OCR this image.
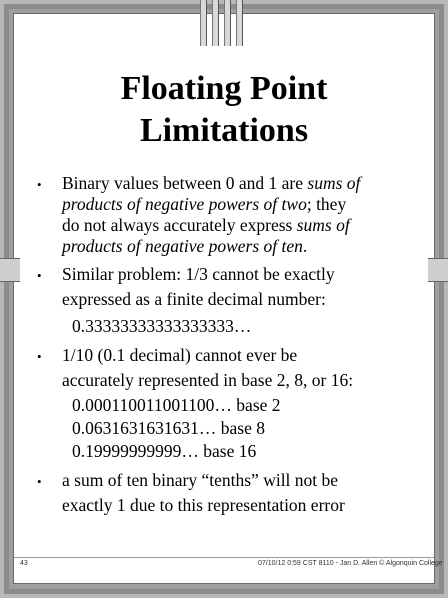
Floating Point
Limitations
• Binary values between 0 and 1 are sums of
products of negative powers of two; they
do not always accurately express sums of
products of negative powers of ten.
• Similar problem: 1/3 cannot be exactly
expressed as a finite decimal number:
0.33333333333333333…
• 1/10 (0.1 decimal) cannot ever be
accurately represented in base 2, 8, or 16:
0.000110011001100… base 2
0.0631631631631… base 8
0.19999999999… base 16
• a sum of ten binary “tenths” will not be
exactly 1 due to this representation error
43	07/10/12 0:59 CST 8110 - Jan D. Allen © Algonquin College
